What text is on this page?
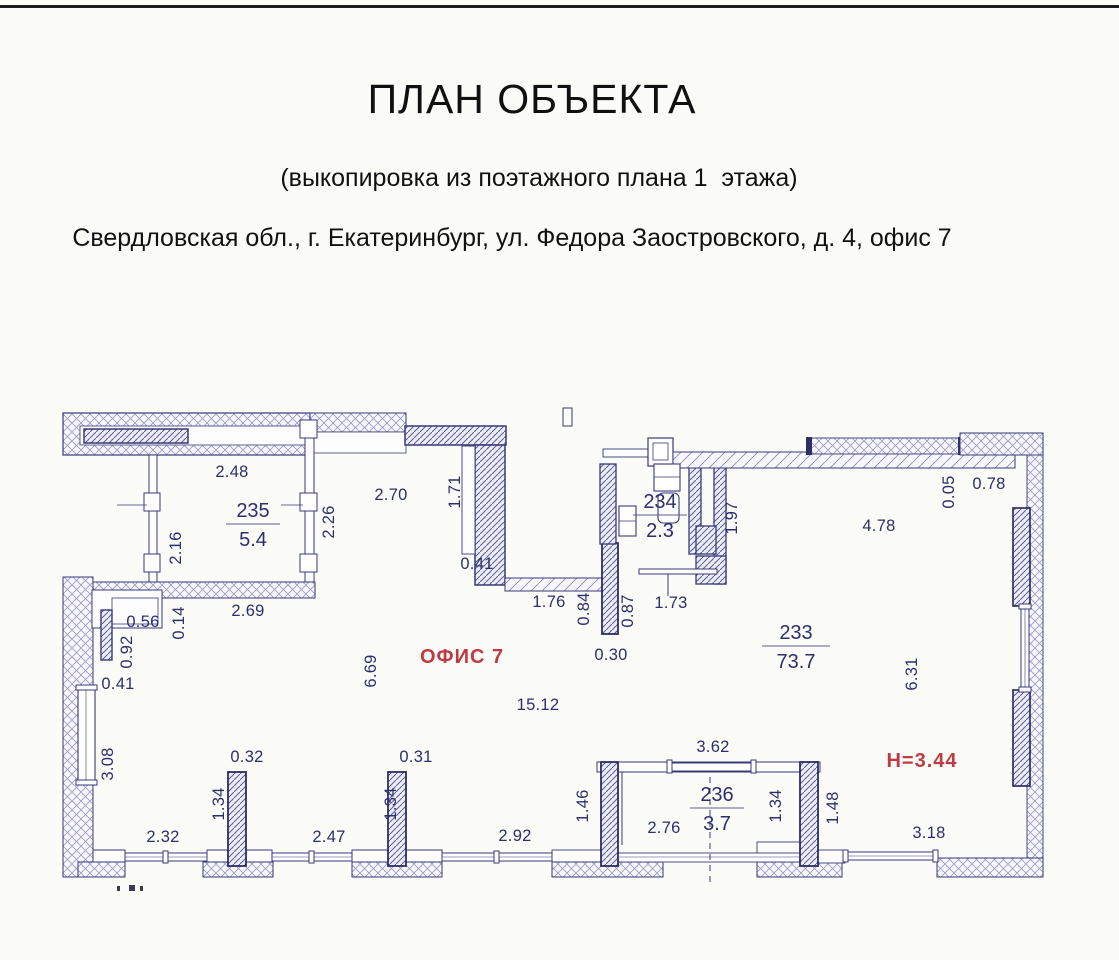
ПЛАН ОБЪЕКТА
(выкопировка из поэтажного плана 1  этажа)
Свердловская обл., г. Екатеринбург, ул. Федора Заостровского, д. 4, офис 7
2.48
2.70 1.71
2.26
2.16	0.41
2.69
0.14
0.56
0.92
0.41
3.08
1.76 0.84
0.30
0.87 1.73
1.97	4.78
0.05 0.78
6.69
15.12
6.31
0.32
1.34
2.32	2.47
0.31
1.34
2.92
1.46
2.76
3.62
1.34 1.48
3.18
235
5.4
234
2.3
233
73.7
236
3.7
ОФИС 7
Н=3.44
